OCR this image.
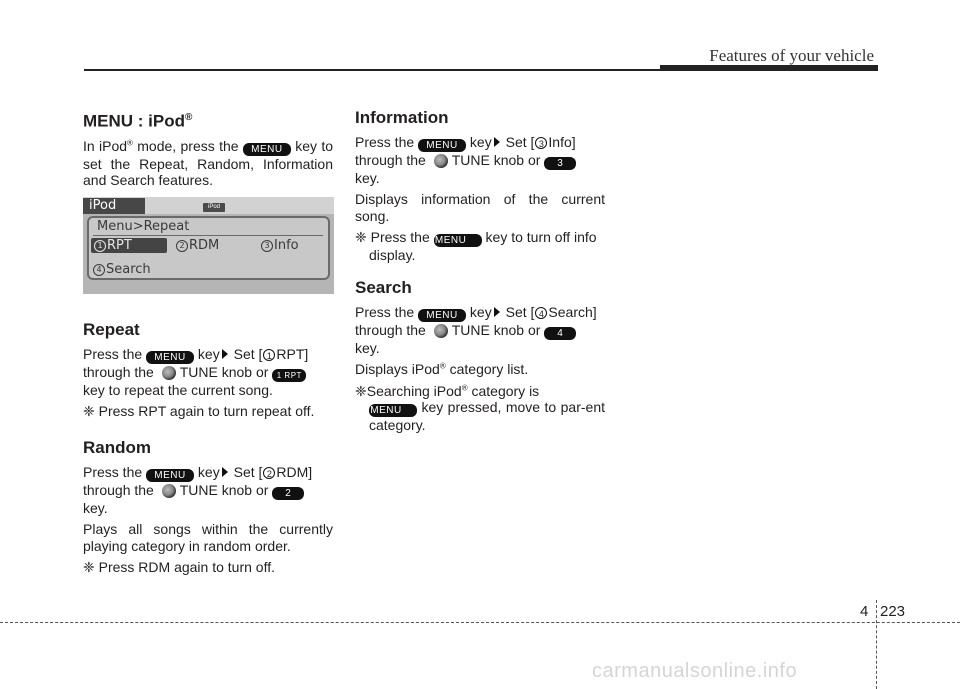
Features of your vehicle
MENU : iPod®

In iPod® mode, press the MENU key to set the Repeat, Random, Information and Search features.

iPod	iPod
Menu>Repeat
1 RPT	2 RDM	3 Info
4 Search
Repeat

Press the MENU key Set [ 1 RPT]
through the TUNE knob or 1 RPT
key to repeat the current song.

❈ Press RPT again to turn repeat off.

Random

Press the MENU key Set [ 2 RDM]
through the TUNE knob or 2
key.

Plays all songs within the currently playing category in random order.

❈ Press RDM again to turn off.

Information

Press the MENU key Set [ 3 Info]
through the TUNE knob or 3
key.

Displays information of the current song.

❈ Press the MENU key to turn off info display.

Search

Press the MENU key Set [ 4 Search]
through the TUNE knob or 4
key.

Displays iPod® category list.

❈Searching iPod® category is
MENU key pressed, move to par-ent category.

4 223
carmanualsonline.info
